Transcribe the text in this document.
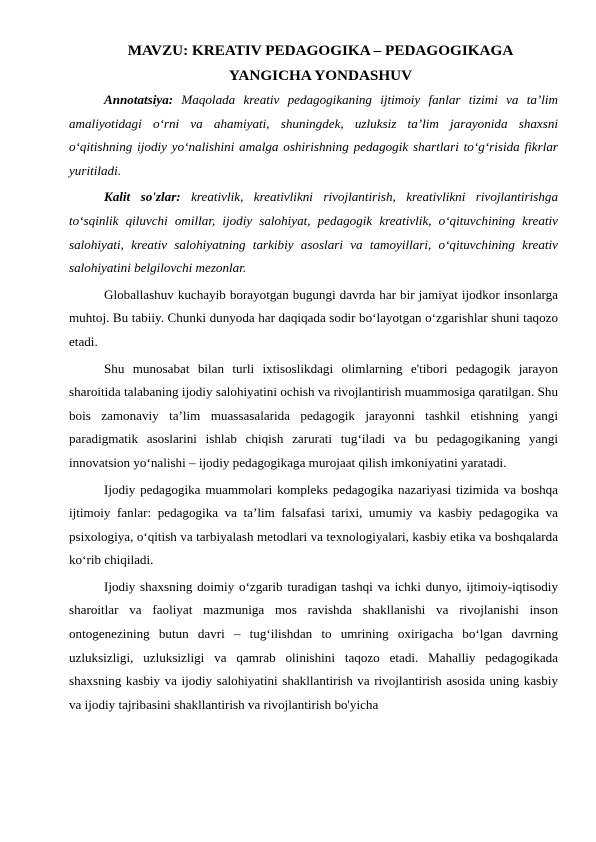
MAVZU: KREATIV PEDAGOGIKA – PEDAGOGIKAGA
YANGICHA YONDASHUV

Annotatsiya: Maqolada kreativ pedagogikaning ijtimoiy fanlar tizimi va ta’lim amaliyotidagi o‘rni va ahamiyati, shuningdek, uzluksiz ta’lim jarayonida shaxsni o‘qitishning ijodiy yo‘nalishini amalga oshirishning pedagogik shartlari to‘g‘risida fikrlar yuritiladi.

Kalit so'zlar: kreativlik, kreativlikni rivojlantirish, kreativlikni rivojlantirishga to‘sqinlik qiluvchi omillar, ijodiy salohiyat, pedagogik kreativlik, o‘qituvchining kreativ salohiyati, kreativ salohiyatning tarkibiy asoslari va tamoyillari, o‘qituvchining kreativ salohiyatini belgilovchi mezonlar.

Globallashuv kuchayib borayotgan bugungi davrda har bir jamiyat ijodkor insonlarga muhtoj. Bu tabiiy. Chunki dunyoda har daqiqada sodir bo‘layotgan o‘zgarishlar shuni taqozo etadi.

Shu munosabat bilan turli ixtisoslikdagi olimlarning e'tibori pedagogik jarayon sharoitida talabaning ijodiy salohiyatini ochish va rivojlantirish muammosiga qaratilgan. Shu bois zamonaviy ta’lim muassasalarida pedagogik jarayonni tashkil etishning yangi paradigmatik asoslarini ishlab chiqish zarurati tug‘iladi va bu pedagogikaning yangi innovatsion yo‘nalishi – ijodiy pedagogikaga murojaat qilish imkoniyatini yaratadi.

Ijodiy pedagogika muammolari kompleks pedagogika nazariyasi tizimida va boshqa ijtimoiy fanlar: pedagogika va ta’lim falsafasi tarixi, umumiy va kasbiy pedagogika va psixologiya, o‘qitish va tarbiyalash metodlari va texnologiyalari, kasbiy etika va boshqalarda ko‘rib chiqiladi.

Ijodiy shaxsning doimiy o‘zgarib turadigan tashqi va ichki dunyo, ijtimoiy-iqtisodiy sharoitlar va faoliyat mazmuniga mos ravishda shakllanishi va rivojlanishi inson ontogenezining butun davri – tug‘ilishdan to umrining oxirigacha bo‘lgan davrning uzluksizligi, uzluksizligi va qamrab olinishini taqozo etadi. Mahalliy pedagogikada shaxsning kasbiy va ijodiy salohiyatini shakllantirish va rivojlantirish asosida uning kasbiy va ijodiy tajribasini shakllantirish va rivojlantirish bo'yicha
